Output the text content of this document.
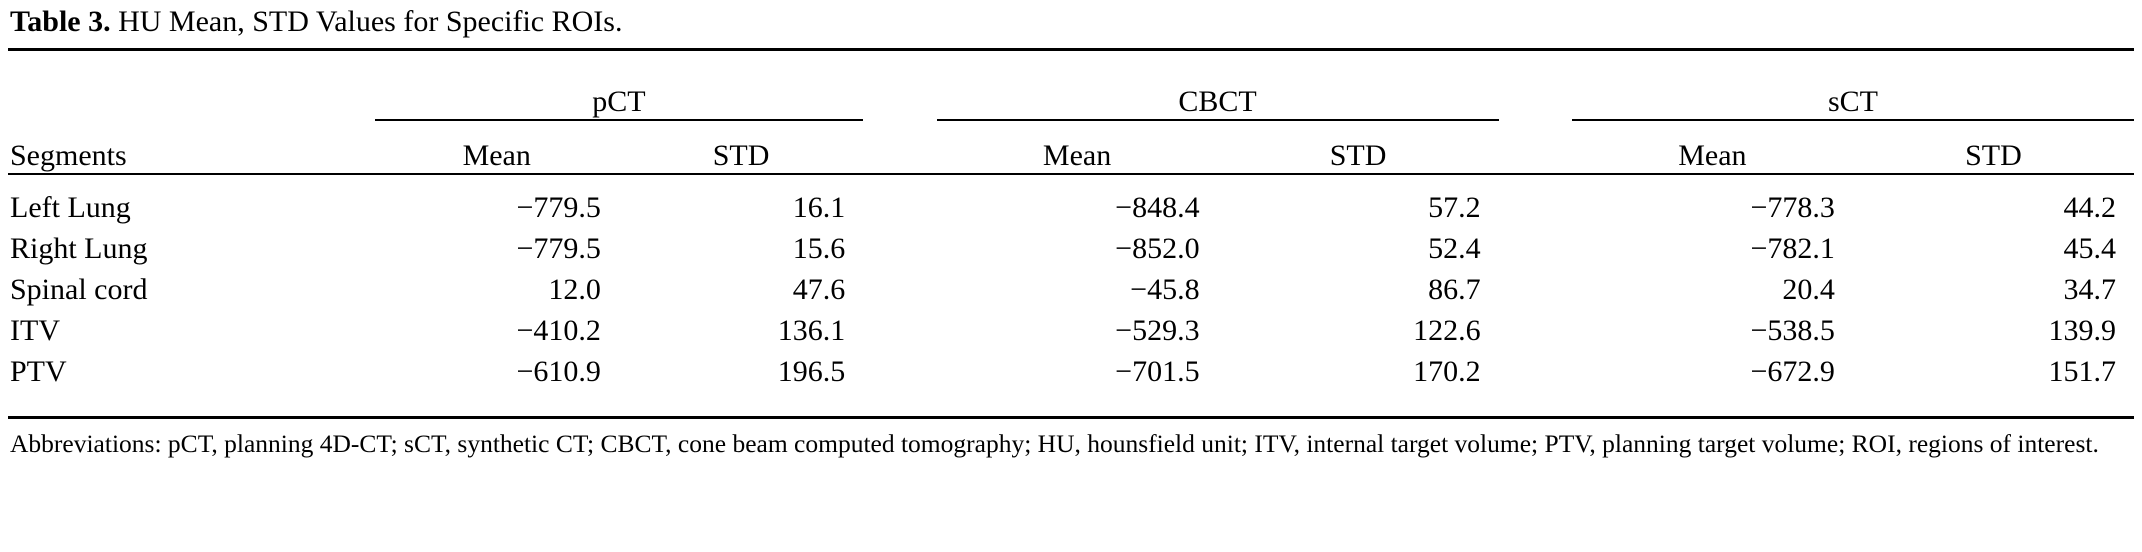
Table 3. HU Mean, STD Values for Specific ROIs.

	pCT			CBCT			sCT	
Segments	Mean	STD		Mean	STD		Mean	STD
Left Lung	−779.5	16.1		−848.4	57.2		−778.3	44.2
Right Lung	−779.5	15.6		−852.0	52.4		−782.1	45.4
Spinal cord	12.0	47.6		−45.8	86.7		20.4	34.7
ITV	−410.2	136.1		−529.3	122.6		−538.5	139.9
PTV	−610.9	196.5		−701.5	170.2		−672.9	151.7

Abbreviations: pCT, planning 4D-CT; sCT, synthetic CT; CBCT, cone beam computed tomography; HU, hounsfield unit; ITV, internal target volume; PTV, planning target volume; ROI, regions of interest.
